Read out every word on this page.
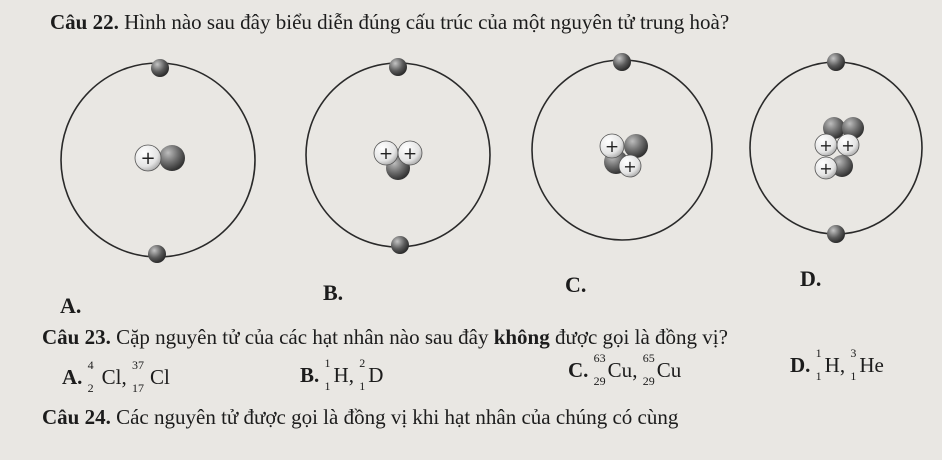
Câu 22. Hình nào sau đây biểu diễn đúng cấu trúc của một nguyên tử trung hoà?
+	+ +	+
+
+ +
+
A.
B.	C.	D.
Câu 23. Cặp nguyên tử của các hạt nhân nào sau đây không được gọi là đồng vị?
A. 4
2 Cl, 37
17 Cl	B. 1
1 H, 2
1 D	C. 63
29 Cu, 65
29 Cu	D. 1
1 H, 3
1 He
Câu 24. Các nguyên tử được gọi là đồng vị khi hạt nhân của chúng có cùng
